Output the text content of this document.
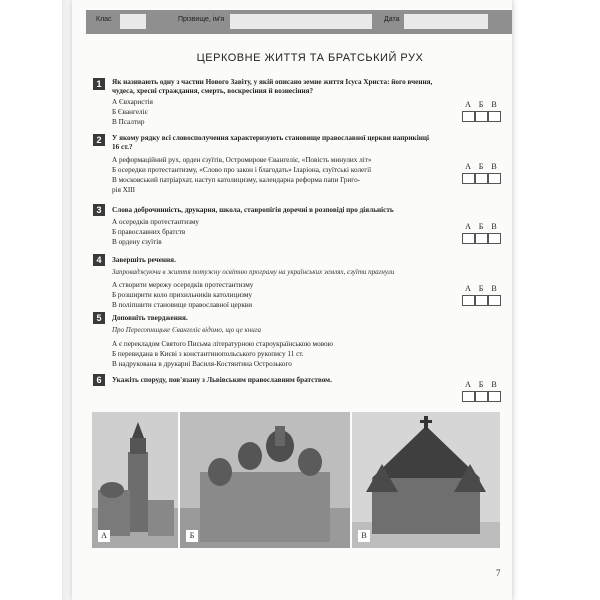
Клас	Прізвище, ім'я	Дата
ЦЕРКОВНЕ ЖИТТЯ ТА БРАТСЬКИЙ РУХ
1	Як називають одну з частин Нового Завіту, у якій описано земне життя Ісуса Христа: його вчення,
чудеса, хресні страждання, смерть, воскресіння й вознесіння?
А Євхаристія
Б Євангеліє
В Псалтир
2	У якому рядку всі словосполучення характеризують становище православної церкви наприкінці
16 ст.?
А реформаційний рух, орден єзуїтів, Остромирове Євангеліє, «Повість минулих літ»
Б осередки протестантизму, «Слово про закон і благодать» Іларіона, єзуїтські колегії
В московський патріархат, наступ католицизму, календарна реформа папи Григо-
рія XIII
3	Слова доброчинність, друкарня, школа, ставропігія доречні в розповіді про діяльність
А осередків протестантизму
Б православних братств
В ордену єзуїтів
4	Завершіть речення.
Запроваджуючи в життя потужну освітню програму на українських землях, єзуїти прагнули
А створити мережу осередків протестантизму
Б розширити коло прихильників католицизму
В поліпшити становище православної церкви
5	Доповніть твердження.
Про Пересопницьке Євангеліє відомо, що це книга
А є перекладом Святого Письма літературною староукраїнською мовою
Б перевидана в Києві з константинопольського рукопису 11 ст.
В надрукована в друкарні Василя-Костянтина Острозького
6	Укажіть споруду, пов'язану з Львівським православним братством.
А Б	В
А Б	В
А Б	В
А Б	В
А Б	В
А	Б	В
7
